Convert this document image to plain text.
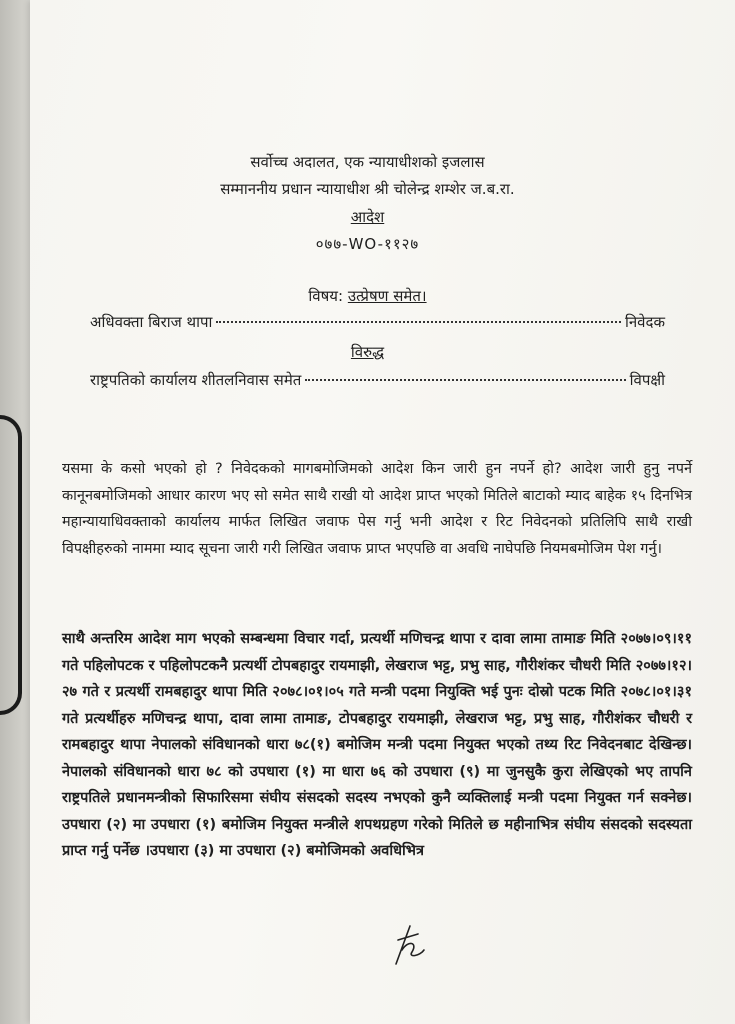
सर्वोच्च अदालत, एक न्यायाधीशको इजलास
सम्माननीय प्रधान न्यायाधीश श्री चोलेन्द्र शम्शेर ज.ब.रा.
आदेश
०७७-WO-११२७
विषय: उत्प्रेषण समेत।
अधिवक्ता बिराज थापा	निवेदक
विरुद्ध
राष्ट्रपतिको कार्यालय शीतलनिवास समेत	विपक्षी

यसमा के कसो भएको हो ? निवेदकको मागबमोजिमको आदेश किन जारी हुन नपर्ने हो? आदेश जारी हुनु नपर्ने कानूनबमोजिमको आधार कारण भए सो समेत साथै राखी यो आदेश प्राप्त भएको मितिले बाटाको म्याद बाहेक १५ दिनभित्र महान्यायाधिवक्ताको कार्यालय मार्फत लिखित जवाफ पेस गर्नु भनी आदेश र रिट निवेदनको प्रतिलिपि साथै राखी विपक्षीहरुको नाममा म्याद सूचना जारी गरी लिखित जवाफ प्राप्त भएपछि वा अवधि नाघेपछि नियमबमोजिम पेश गर्नु।

साथै अन्तरिम आदेश माग भएको सम्बन्धमा विचार गर्दा, प्रत्यर्थी मणिचन्द्र थापा र दावा लामा तामाङ मिति २०७७।०९।११ गते पहिलोपटक र पहिलोपटकनै प्रत्यर्थी टोपबहादुर रायमाझी, लेखराज भट्ट, प्रभु साह, गौरीशंकर चौधरी मिति २०७७।१२।२७ गते र प्रत्यर्थी रामबहादुर थापा मिति २०७८।०१।०५ गते मन्त्री पदमा नियुक्ति भई पुनः दोस्रो पटक मिति २०७८।०१।३१ गते प्रत्यर्थीहरु मणिचन्द्र थापा, दावा लामा तामाङ, टोपबहादुर रायमाझी, लेखराज भट्ट, प्रभु साह, गौरीशंकर चौधरी र रामबहादुर थापा नेपालको संविधानको धारा ७८(१) बमोजिम मन्त्री पदमा नियुक्त भएको तथ्य रिट निवेदनबाट देखिन्छ। नेपालको संविधानको धारा ७८ को उपधारा (१) मा धारा ७६ को उपधारा (९) मा जुनसुकै कुरा लेखिएको भए तापनि राष्ट्रपतिले प्रधानमन्त्रीको सिफारिसमा संघीय संसदको सदस्य नभएको कुनै व्यक्तिलाई मन्त्री पदमा नियुक्त गर्न सक्नेछ। उपधारा (२) मा उपधारा (१) बमोजिम नियुक्त मन्त्रीले शपथग्रहण गरेको मितिले छ महीनाभित्र संघीय संसदको सदस्यता प्राप्त गर्नु पर्नेछ ।उपधारा (३) मा उपधारा (२) बमोजिमको अवधिभित्र
